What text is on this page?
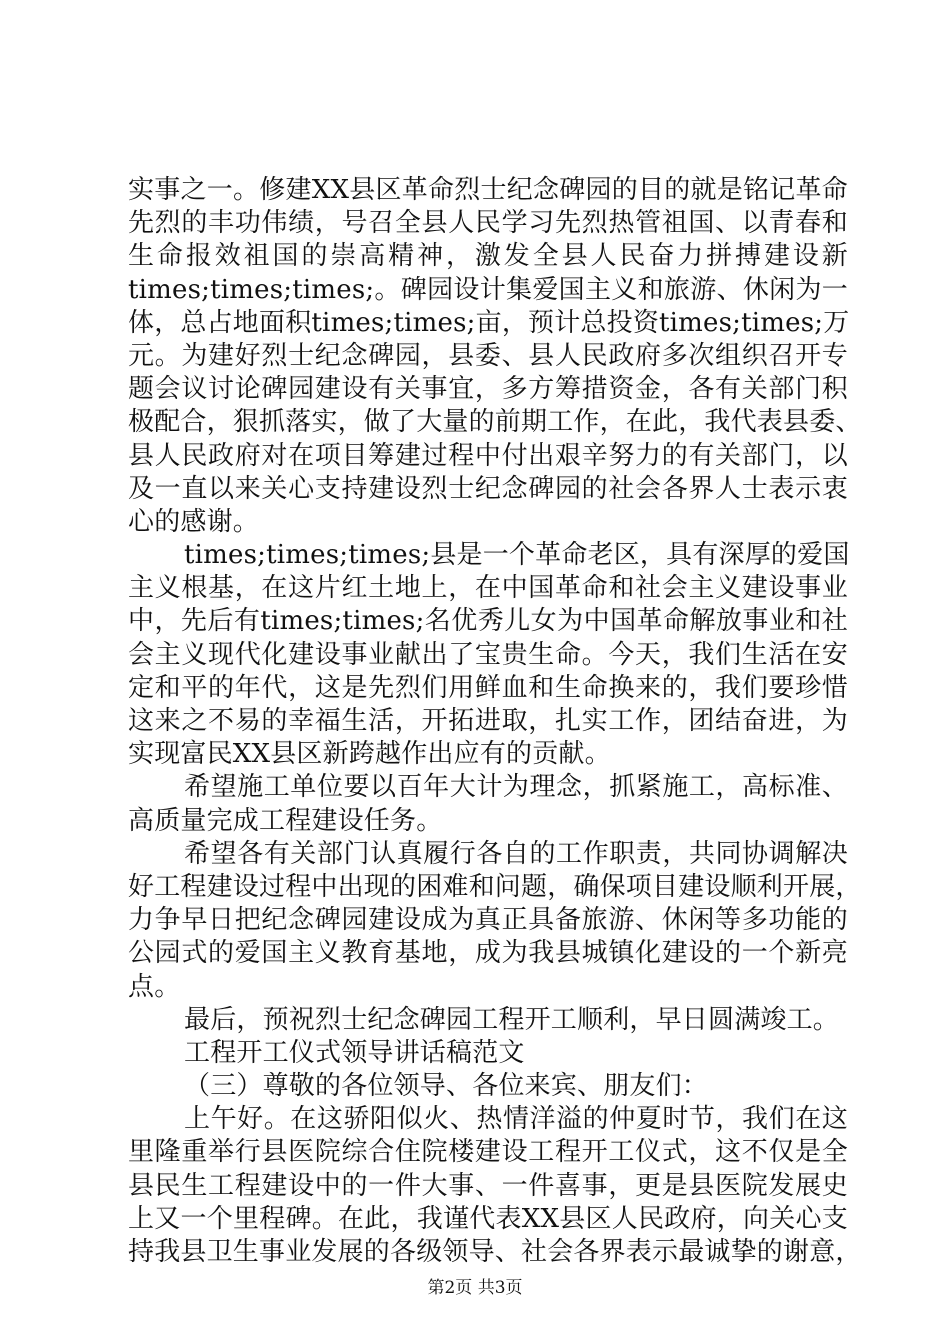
实事之一。修建XX县区革命烈士纪念碑园的目的就是铭记革命
先烈的丰功伟绩，号召全县人民学习先烈热管祖国、以青春和
生命报效祖国的崇高精神，激发全县人民奋力拼搏建设新
times;times;times;。碑园设计集爱国主义和旅游、休闲为一
体，总占地面积times;times;亩，预计总投资times;times;万
元。为建好烈士纪念碑园，县委、县人民政府多次组织召开专
题会议讨论碑园建设有关事宜，多方筹措资金，各有关部门积
极配合，狠抓落实，做了大量的前期工作，在此，我代表县委、
县人民政府对在项目筹建过程中付出艰辛努力的有关部门，以
及一直以来关心支持建设烈士纪念碑园的社会各界人士表示衷
心的感谢。
times;times;times;县是一个革命老区，具有深厚的爱国
主义根基，在这片红土地上，在中国革命和社会主义建设事业
中，先后有times;times;名优秀儿女为中国革命解放事业和社
会主义现代化建设事业献出了宝贵生命。今天，我们生活在安
定和平的年代，这是先烈们用鲜血和生命换来的，我们要珍惜
这来之不易的幸福生活，开拓进取，扎实工作，团结奋进，为
实现富民XX县区新跨越作出应有的贡献。
希望施工单位要以百年大计为理念，抓紧施工，高标准、
高质量完成工程建设任务。
希望各有关部门认真履行各自的工作职责，共同协调解决
好工程建设过程中出现的困难和问题，确保项目建设顺利开展，
力争早日把纪念碑园建设成为真正具备旅游、休闲等多功能的
公园式的爱国主义教育基地，成为我县城镇化建设的一个新亮
点。
最后，预祝烈士纪念碑园工程开工顺利，早日圆满竣工。
工程开工仪式领导讲话稿范文
（三）尊敬的各位领导、各位来宾、朋友们：
上午好。在这骄阳似火、热情洋溢的仲夏时节，我们在这
里隆重举行县医院综合住院楼建设工程开工仪式，这不仅是全
县民生工程建设中的一件大事、一件喜事，更是县医院发展史
上又一个里程碑。在此，我谨代表XX县区人民政府，向关心支
持我县卫生事业发展的各级领导、社会各界表示最诚挚的谢意，
第2页 共3页
